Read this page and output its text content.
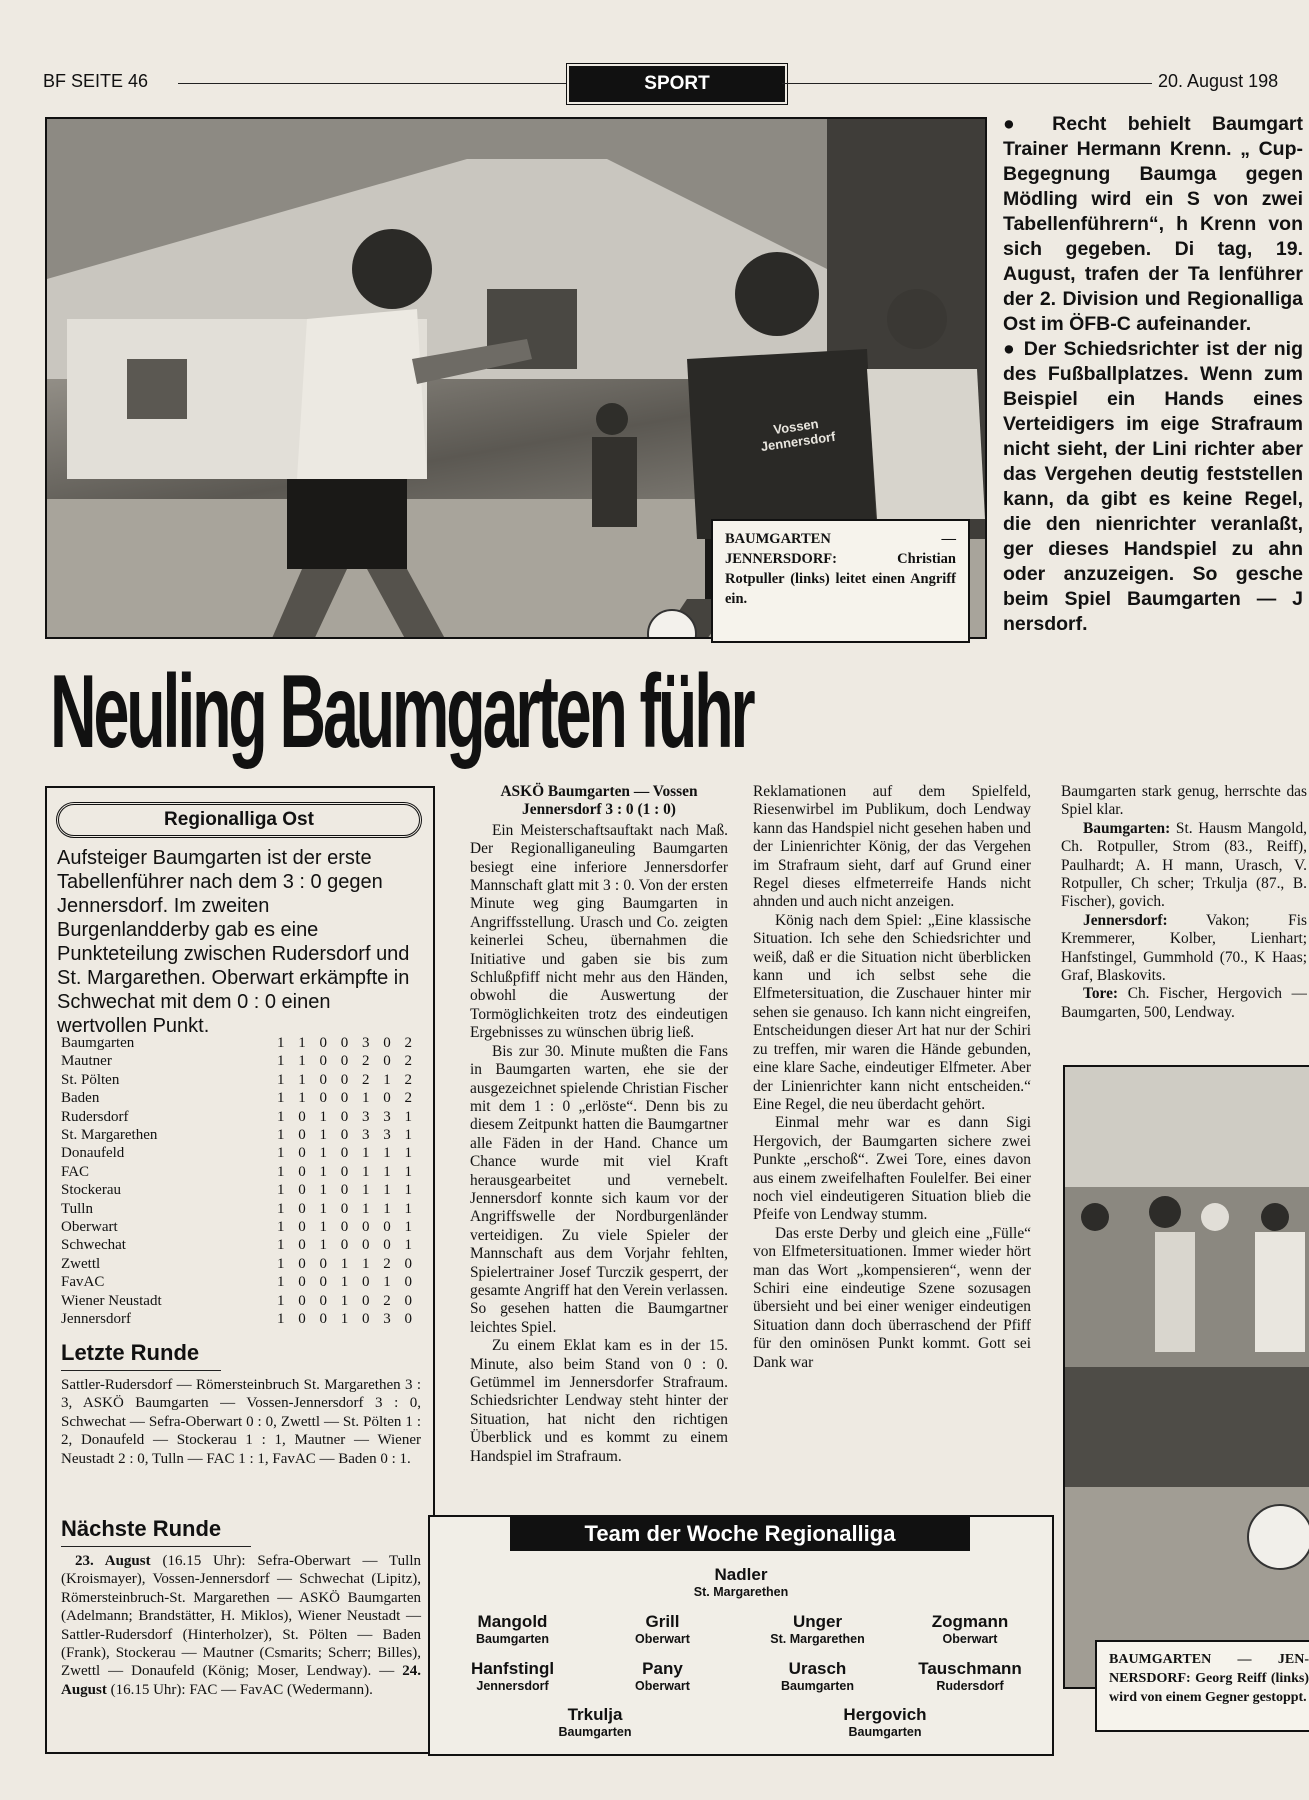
BF SEITE 46	SPORT	20. August 198
Vossen Jennersdorf
BAUMGARTEN — JENNERSDORF: Christian Rotpuller (links) leitet einen Angriff ein.
● Recht behielt Baumgart Trainer Hermann Krenn. „ Cup-Begegnung Baumga gegen Mödling wird ein S von zwei Tabellenführern“, h Krenn von sich gegeben. Di tag, 19. August, trafen der Ta lenführer der 2. Division und Regionalliga Ost im ÖFB-C aufeinander.
● Der Schiedsrichter ist der nig des Fußballplatzes. Wenn zum Beispiel ein Hands eines Verteidigers im eige Strafraum nicht sieht, der Lini richter aber das Vergehen deutig feststellen kann, da gibt es keine Regel, die den nienrichter veranlaßt, ger dieses Handspiel zu ahn oder anzuzeigen. So gesche beim Spiel Baumgarten — J nersdorf.
Neuling Baumgarten führ
Regionalliga Ost
Aufsteiger Baumgarten ist der erste Tabellenführer nach dem 3 : 0 gegen Jennersdorf. Im zweiten Burgenlandderby gab es eine Punkteteilung zwischen Rudersdorf und St. Margarethen. Oberwart erkämpfte in Schwechat mit dem 0 : 0 einen wertvollen Punkt.
Baumgarten	1 1 0 0 3 0 2
Mautner	1 1 0 0 2 0 2
St. Pölten	1 1 0 0 2 1 2
Baden	1 1 0 0 1 0 2
Rudersdorf	1 0 1 0 3 3 1
St. Margarethen	1 0 1 0 3 3 1
Donaufeld	1 0 1 0 1 1 1
FAC	1 0 1 0 1 1 1
Stockerau	1 0 1 0 1 1 1
Tulln	1 0 1 0 1 1 1
Oberwart	1 0 1 0 0 0 1
Schwechat	1 0 1 0 0 0 1
Zwettl	1 0 0 1 1 2 0
FavAC	1 0 0 1 0 1 0
Wiener Neustadt	1 0 0 1 0 2 0
Jennersdorf	1 0 0 1 0 3 0
Letzte Runde
Sattler-Rudersdorf — Römersteinbruch St. Margarethen 3 : 3, ASKÖ Baumgarten — Vossen-Jennersdorf 3 : 0, Schwechat — Sefra-Oberwart 0 : 0, Zwettl — St. Pölten 1 : 2, Donaufeld — Stockerau 1 : 1, Mautner — Wiener Neustadt 2 : 0, Tulln — FAC 1 : 1, FavAC — Baden 0 : 1.
Nächste Runde
23. August (16.15 Uhr): Sefra-Oberwart — Tulln (Kroismayer), Vossen-Jennersdorf — Schwechat (Lipitz), Römersteinbruch-St. Margarethen — ASKÖ Baumgarten (Adelmann; Brandstätter, H. Miklos), Wiener Neustadt — Sattler-Rudersdorf (Hinterholzer), St. Pölten — Baden (Frank), Stockerau — Mautner (Csmarits; Scherr; Billes), Zwettl — Donaufeld (König; Moser, Lendway). — 24. August (16.15 Uhr): FAC — FavAC (Wedermann).
ASKÖ Baumgarten — Vossen Jennersdorf 3 : 0 (1 : 0)

Ein Meisterschaftsauftakt nach Maß. Der Regionalliganeuling Baumgarten besiegt eine inferiore Jennersdorfer Mannschaft glatt mit 3 : 0. Von der ersten Minute weg ging Baumgarten in Angriffsstellung. Urasch und Co. zeigten keinerlei Scheu, übernahmen die Initiative und gaben sie bis zum Schlußpfiff nicht mehr aus den Händen, obwohl die Auswertung der Tormöglichkeiten trotz des eindeutigen Ergebnisses zu wünschen übrig ließ.

Bis zur 30. Minute mußten die Fans in Baumgarten warten, ehe sie der ausgezeichnet spielende Christian Fischer mit dem 1 : 0 „erlöste“. Denn bis zu diesem Zeitpunkt hatten die Baumgartner alle Fäden in der Hand. Chance um Chance wurde mit viel Kraft herausgearbeitet und vernebelt. Jennersdorf konnte sich kaum vor der Angriffswelle der Nordburgenländer verteidigen. Zu viele Spieler der Mannschaft aus dem Vorjahr fehlten, Spielertrainer Josef Turczik gesperrt, der gesamte Angriff hat den Verein verlassen. So gesehen hatten die Baumgartner leichtes Spiel.

Zu einem Eklat kam es in der 15. Minute, also beim Stand von 0 : 0. Getümmel im Jennersdorfer Strafraum. Schiedsrichter Lendway steht hinter der Situation, hat nicht den richtigen Überblick und es kommt zu einem Handspiel im Strafraum.

Reklamationen auf dem Spielfeld, Riesenwirbel im Publikum, doch Lendway kann das Handspiel nicht gesehen haben und der Linienrichter König, der das Vergehen im Strafraum sieht, darf auf Grund einer Regel dieses elfmeterreife Hands nicht ahnden und auch nicht anzeigen.

König nach dem Spiel: „Eine klassische Situation. Ich sehe den Schiedsrichter und weiß, daß er die Situation nicht überblicken kann und ich selbst sehe die Elfmetersituation, die Zuschauer hinter mir sehen sie genauso. Ich kann nicht eingreifen, Entscheidungen dieser Art hat nur der Schiri zu treffen, mir waren die Hände gebunden, eine klare Sache, eindeutiger Elfmeter. Aber der Linienrichter kann nicht entscheiden.“ Eine Regel, die neu überdacht gehört.

Einmal mehr war es dann Sigi Hergovich, der Baumgarten sichere zwei Punkte „erschoß“. Zwei Tore, eines davon aus einem zweifelhaften Foulelfer. Bei einer noch viel eindeutigeren Situation blieb die Pfeife von Lendway stumm.

Das erste Derby und gleich eine „Fülle“ von Elfmetersituationen. Immer wieder hört man das Wort „kompensieren“, wenn der Schiri eine eindeutige Szene sozusagen übersieht und bei einer weniger eindeutigen Situation dann doch überraschend der Pfiff für den ominösen Punkt kommt. Gott sei Dank war

Baumgarten stark genug, herrschte das Spiel klar.

Baumgarten: St. Hausm Mangold, Ch. Rotpuller, Strom (83., Reiff), Paulhardt; A. H mann, Urasch, V. Rotpuller, Ch scher; Trkulja (87., B. Fischer), govich.

Jennersdorf: Vakon; Fis Kremmerer, Kolber, Lienhart; Hanfstingel, Gummhold (70., K Haas; Graf, Blaskovits.

Tore: Ch. Fischer, Hergovich — Baumgarten, 500, Lendway.

Team der Woche Regionalliga
Nadler
St. Margarethen
Mangold
Baumgarten
Grill
Oberwart
Unger
St. Margarethen
Zogmann
Oberwart
Hanfstingl
Jennersdorf
Pany
Oberwart
Urasch
Baumgarten
Tauschmann
Rudersdorf
Trkulja
Baumgarten
Hergovich
Baumgarten
BAUMGARTEN — JEN-NERSDORF: Georg Reiff (links) wird von einem Gegner gestoppt.
